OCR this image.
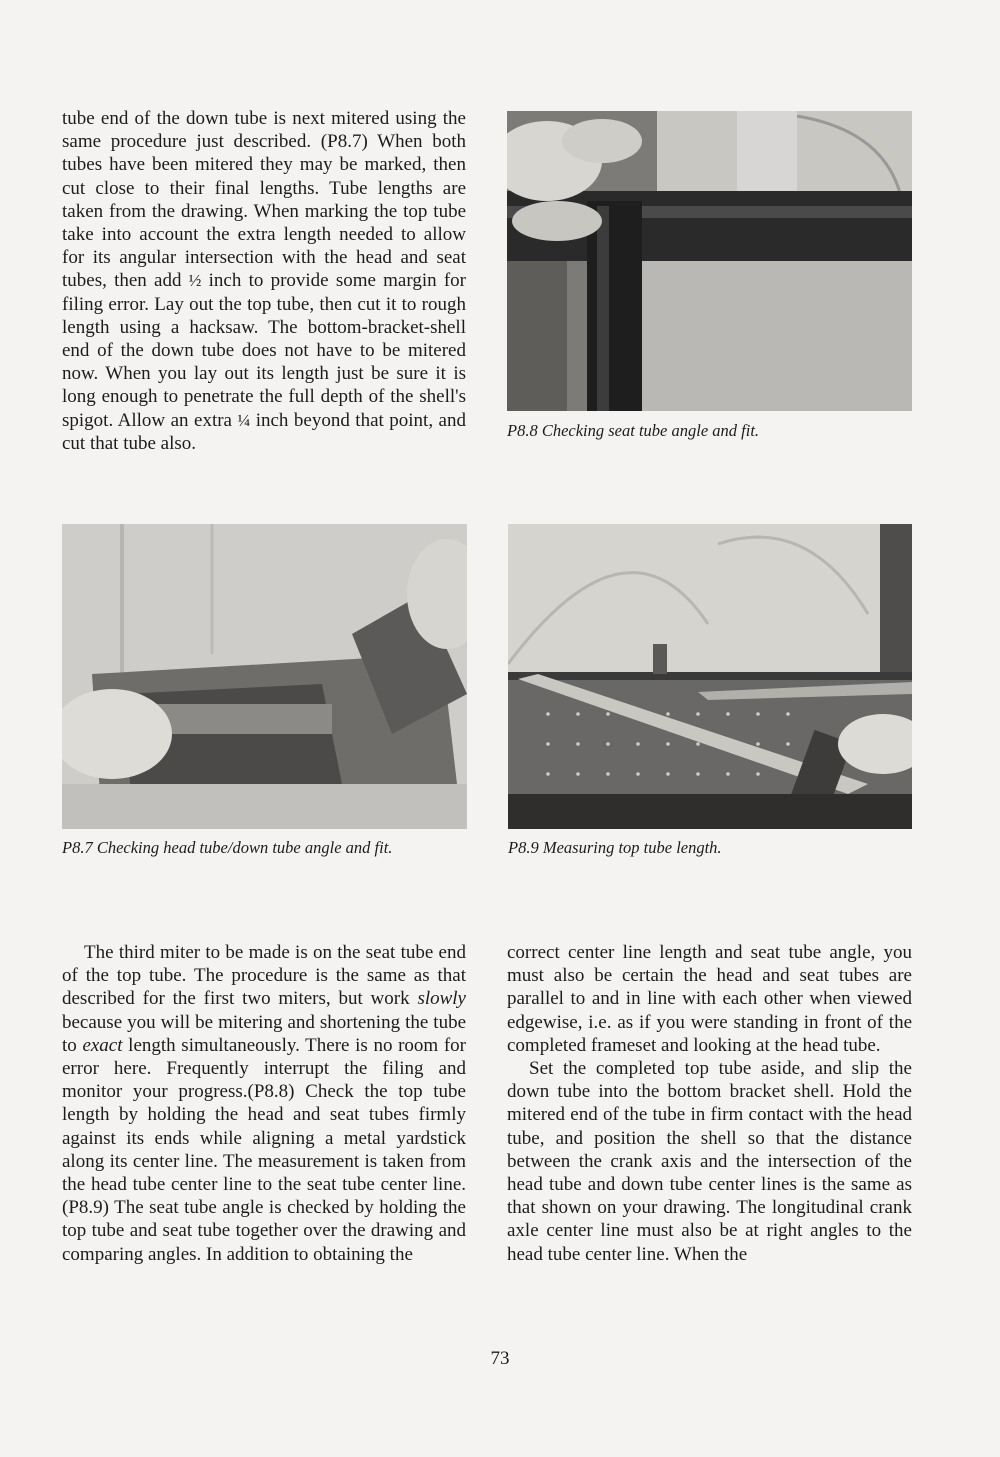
tube end of the down tube is next mitered using the same procedure just described. (P8.7) When both tubes have been mitered they may be marked, then cut close to their final lengths. Tube lengths are taken from the drawing. When marking the top tube take into account the extra length needed to allow for its angular intersection with the head and seat tubes, then add ½ inch to provide some margin for filing error. Lay out the top tube, then cut it to rough length using a hacksaw. The bottom-bracket-shell end of the down tube does not have to be mitered now. When you lay out its length just be sure it is long enough to penetrate the full depth of the shell's spigot. Allow an extra ¼ inch beyond that point, and cut that tube also.

P8.8 Checking seat tube angle and fit.
P8.7 Checking head tube/down tube angle and fit.	P8.9 Measuring top tube length.

The third miter to be made is on the seat tube end of the top tube. The procedure is the same as that described for the first two miters, but work slowly because you will be mitering and shortening the tube to exact length simultaneously. There is no room for error here. Frequently interrupt the filing and monitor your progress.(P8.8) Check the top tube length by holding the head and seat tubes firmly against its ends while aligning a metal yardstick along its center line. The measurement is taken from the head tube center line to the seat tube center line. (P8.9) The seat tube angle is checked by holding the top tube and seat tube together over the drawing and comparing angles. In addition to obtaining the

correct center line length and seat tube angle, you must also be certain the head and seat tubes are parallel to and in line with each other when viewed edgewise, i.e. as if you were standing in front of the completed frameset and looking at the head tube.

Set the completed top tube aside, and slip the down tube into the bottom bracket shell. Hold the mitered end of the tube in firm contact with the head tube, and position the shell so that the distance between the crank axis and the intersection of the head tube and down tube center lines is the same as that shown on your drawing. The longitudinal crank axle center line must also be at right angles to the head tube center line. When the

73
